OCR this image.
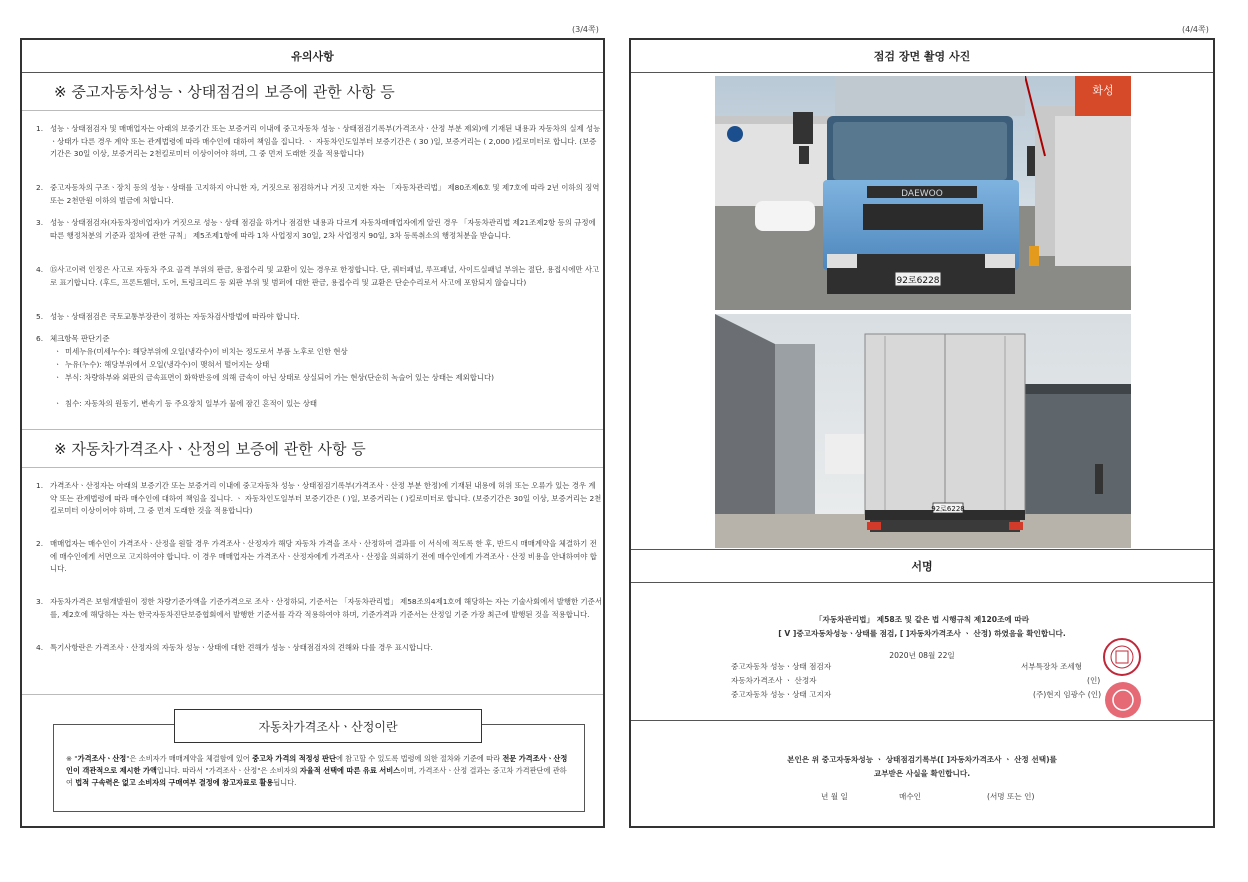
(3/4쪽)
유의사항
※ 중고자동차성능ㆍ상태점검의 보증에 관한 사항 등
1. 성능ㆍ상태점검자 및 매매업자는 아래의 보증기간 또는 보증거리 이내에 중고자동차 성능ㆍ상태점검기록부(가격조사ㆍ산정 부분 제외)에 기재된 내용과 자동차의 실제 성능ㆍ상태가 다른 경우 계약 또는 관계법령에 따라 매수인에 대하여 책임을 집니다. ㆍ 자동차인도일부터 보증기간은 ( 30 )일, 보증거리는 ( 2,000 )킬로미터로 합니다. (보증기간은 30일 이상, 보증거리는 2천킬로미터 이상이어야 하며, 그 중 먼저 도래한 것을 적용합니다)
2. 중고자동차의 구조ㆍ장치 등의 성능ㆍ상태를 고지하지 아니한 자, 거짓으로 점검하거나 거짓 고지한 자는 「자동차관리법」 제80조제6호 및 제7호에 따라 2년 이하의 징역 또는 2천만원 이하의 벌금에 처합니다.
3. 성능ㆍ상태점검자(자동차정비업자)가 거짓으로 성능ㆍ상태 점검을 하거나 점검한 내용과 다르게 자동차매매업자에게 알린 경우 「자동차관리법 제21조제2항 등의 규정에 따른 행정처분의 기준과 절차에 관한 규칙」 제5조제1항에 따라 1차 사업정지 30일, 2차 사업정지 90일, 3차 등록취소의 행정처분을 받습니다.
4. ⑮사고이력 인정은 사고로 자동차 주요 골격 부위의 판금, 용접수리 및 교환이 있는 경우로 한정합니다. 단, 쿼터패널, 루프패널, 사이드실패널 부위는 절단, 용접시에만 사고로 표기합니다. (후드, 프론트휀더, 도어, 트렁크리드 등 외판 부위 및 범퍼에 대한 판금, 용접수리 및 교환은 단순수리로서 사고에 포함되지 않습니다)
5. 성능ㆍ상태점검은 국토교통부장관이 정하는 자동차검사방법에 따라야 합니다.
6. 체크항목 판단기준
ㆍ 미세누유(미세누수): 해당부위에 오일(냉각수)이 비치는 정도로서 부품 노후로 인한 현상
ㆍ 누유(누수): 해당부위에서 오일(냉각수)이 맺혀서 떨어지는 상태
ㆍ 부식: 차량하부와 외판의 금속표면이 화학반응에 의해 금속이 아닌 상태로 상실되어 가는 현상(단순히 녹슬어 있는 상태는 제외합니다)
ㆍ 침수: 자동차의 원동기, 변속기 등 주요장치 일부가 물에 잠긴 흔적이 있는 상태
※ 자동차가격조사ㆍ산정의 보증에 관한 사항 등
1. 가격조사ㆍ산정자는 아래의 보증기간 또는 보증거리 이내에 중고자동차 성능ㆍ상태점검기록부(가격조사ㆍ산정 부분 한정)에 기재된 내용에 허위 또는 오류가 있는 경우 계약 또는 관계법령에 따라 매수인에 대하여 책임을 집니다. ㆍ 자동차인도일부터 보증기간은 ( )일, 보증거리는 ( )킬로미터로 합니다. (보증기간은 30일 이상, 보증거리는 2천킬로미터 이상이어야 하며, 그 중 먼저 도래한 것을 적용합니다)
2. 매매업자는 매수인이 가격조사ㆍ산정을 원할 경우 가격조사ㆍ산정자가 해당 자동차 가격을 조사ㆍ산정하여 결과를 이 서식에 적도록 한 후, 반드시 매매계약을 체결하기 전에 매수인에게 서면으로 고지하여야 합니다. 이 경우 매매업자는 가격조사ㆍ산정자에게 가격조사ㆍ산정을 의뢰하기 전에 매수인에게 가격조사ㆍ산정 비용을 안내하여야 합니다.
3. 자동차가격은 보험개발원이 정한 차량기준가액을 기준가격으로 조사ㆍ산정하되, 기준서는 「자동차관리법」 제58조의4제1호에 해당하는 자는 기술사회에서 발행한 기준서를, 제2호에 해당하는 자는 한국자동차진단보증협회에서 발행한 기준서를 각각 적용하여야 하며, 기준가격과 기준서는 산정일 기준 가장 최근에 발행된 것을 적용합니다.
4. 특기사항란은 가격조사ㆍ산정자의 자동차 성능ㆍ상태에 대한 견해가 성능ㆍ상태점검자의 견해와 다를 경우 표시합니다.
자동차가격조사ㆍ산정이란
※ "가격조사ㆍ산정"은 소비자가 매매계약을 체결함에 있어 중고차 가격의 적정성 판단에 참고할 수 있도록 법령에 의한 절차와 기준에 따라 전문 가격조사ㆍ산정인이 객관적으로 제시한 가액입니다. 따라서 "가격조사ㆍ산정"은 소비자의 자율적 선택에 따른 유료 서비스이며, 가격조사ㆍ산정 결과는 중고차 가격판단에 관하여 법적 구속력은 없고 소비자의 구매여부 결정에 참고자료로 활용됩니다.
(4/4쪽)
점검 장면 촬영 사진
화성
DAEWOO
92로6228
92로6228
서명
「자동차관리법」 제58조 및 같은 법 시행규칙 제120조에 따라
[ V ]중고자동차성능ㆍ상태를 점검, [ ]자동차가격조사 ㆍ 산정) 하였음을 확인합니다.
2020년 08월 22일
중고자동차 성능ㆍ상태 점검자	서부특장차 조세형
자동차가격조사 ㆍ 산정자	(인)
중고자동차 성능ㆍ상태 고지자	(주)현지 임광수 (인)
본인은 위 중고자동차성능 ㆍ 상태점검기록부([ ]자동차가격조사 ㆍ 산정 선택)를
교부받은 사실을 확인합니다.
년 월 일	매수인	(서명 또는 인)
